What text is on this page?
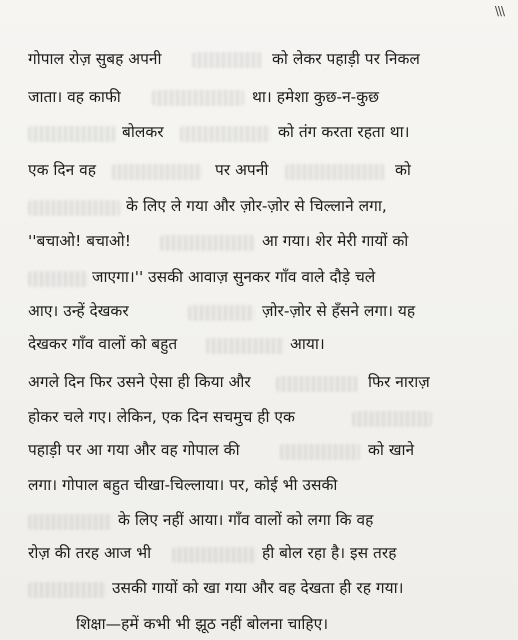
\\\
गोपाल रोज़ सुबह अपनी	को लेकर पहाड़ी पर निकल
जाता। वह काफी	था। हमेशा कुछ-न-कुछ
बोलकर	को तंग करता रहता था।
एक दिन वह	पर अपनी	को
के लिए ले गया और ज़ोर-ज़ोर से चिल्लाने लगा,
''बचाओ! बचाओ!	आ गया। शेर मेरी गायों को
जाएगा।'' उसकी आवाज़ सुनकर गाँव वाले दौड़े चले
आए। उन्हें देखकर	ज़ोर-ज़ोर से हँसने लगा। यह
देखकर गाँव वालों को बहुत	आया।
अगले दिन फिर उसने ऐसा ही किया और	फिर नाराज़
होकर चले गए। लेकिन, एक दिन सचमुच ही एक
पहाड़ी पर आ गया और वह गोपाल की	को खाने
लगा। गोपाल बहुत चीखा-चिल्लाया। पर, कोई भी उसकी
के लिए नहीं आया। गाँव वालों को लगा कि वह
रोज़ की तरह आज भी	ही बोल रहा है। इस तरह
उसकी गायों को खा गया और वह देखता ही रह गया।
शिक्षा—हमें कभी भी झूठ नहीं बोलना चाहिए।
